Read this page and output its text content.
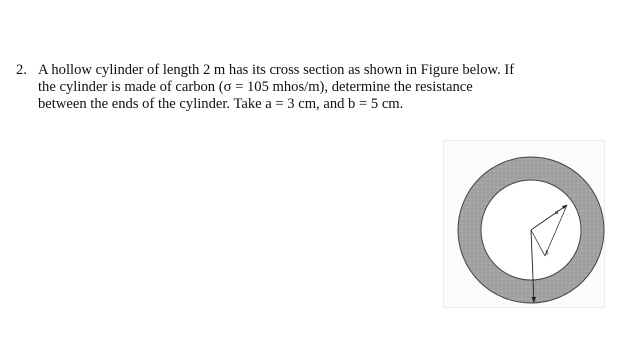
2. A hollow cylinder of length 2 m has its cross section as shown in Figure below. If
the cylinder is made of carbon (σ = 105 mhos/m), determine the resistance
between the ends of the cylinder. Take a = 3 cm, and b = 5 cm.
a
b
